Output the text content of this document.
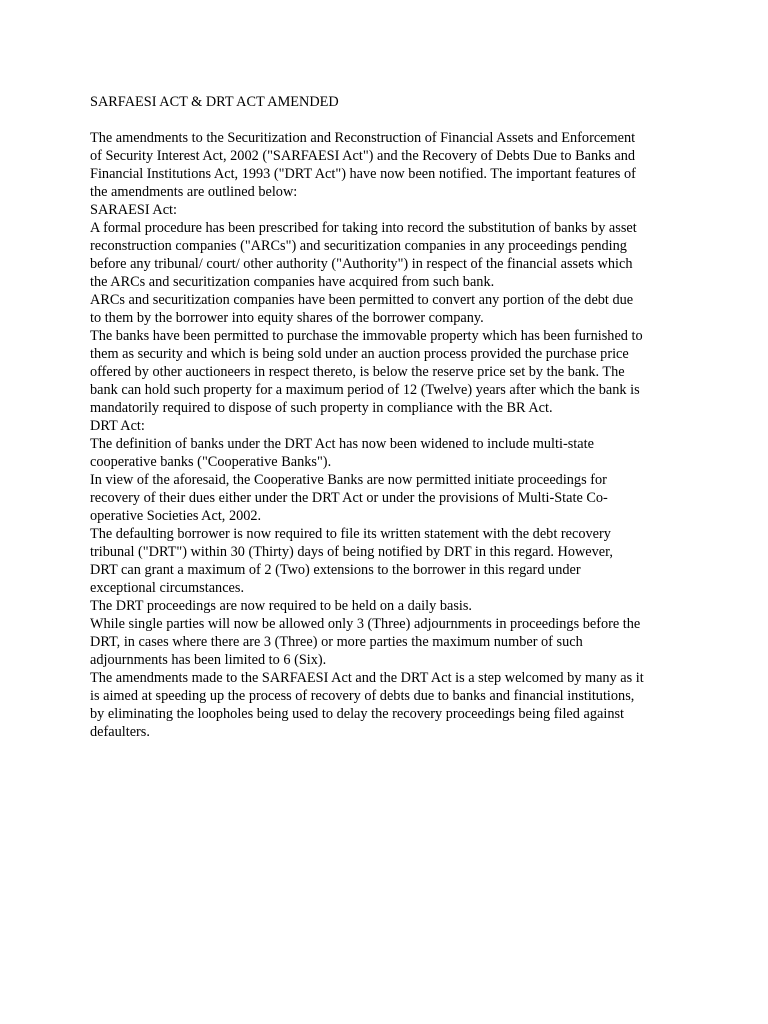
SARFAESI ACT & DRT ACT AMENDED

The amendments to the Securitization and Reconstruction of Financial Assets and Enforcement
of Security Interest Act, 2002 ("SARFAESI Act") and the Recovery of Debts Due to Banks and
Financial Institutions Act, 1993 ("DRT Act") have now been notified. The important features of
the amendments are outlined below:

SARAESI Act:

A formal procedure has been prescribed for taking into record the substitution of banks by asset
reconstruction companies ("ARCs") and securitization companies in any proceedings pending
before any tribunal/ court/ other authority ("Authority") in respect of the financial assets which
the ARCs and securitization companies have acquired from such bank.

ARCs and securitization companies have been permitted to convert any portion of the debt due
to them by the borrower into equity shares of the borrower company.

The banks have been permitted to purchase the immovable property which has been furnished to
them as security and which is being sold under an auction process provided the purchase price
offered by other auctioneers in respect thereto, is below the reserve price set by the bank. The
bank can hold such property for a maximum period of 12 (Twelve) years after which the bank is
mandatorily required to dispose of such property in compliance with the BR Act.

DRT Act:

The definition of banks under the DRT Act has now been widened to include multi-state
cooperative banks ("Cooperative Banks").

In view of the aforesaid, the Cooperative Banks are now permitted initiate proceedings for
recovery of their dues either under the DRT Act or under the provisions of Multi-State Co-
operative Societies Act, 2002.

The defaulting borrower is now required to file its written statement with the debt recovery
tribunal ("DRT") within 30 (Thirty) days of being notified by DRT in this regard. However,
DRT can grant a maximum of 2 (Two) extensions to the borrower in this regard under
exceptional circumstances.

The DRT proceedings are now required to be held on a daily basis.

While single parties will now be allowed only 3 (Three) adjournments in proceedings before the
DRT, in cases where there are 3 (Three) or more parties the maximum number of such
adjournments has been limited to 6 (Six).

The amendments made to the SARFAESI Act and the DRT Act is a step welcomed by many as it
is aimed at speeding up the process of recovery of debts due to banks and financial institutions,
by eliminating the loopholes being used to delay the recovery proceedings being filed against
defaulters.
